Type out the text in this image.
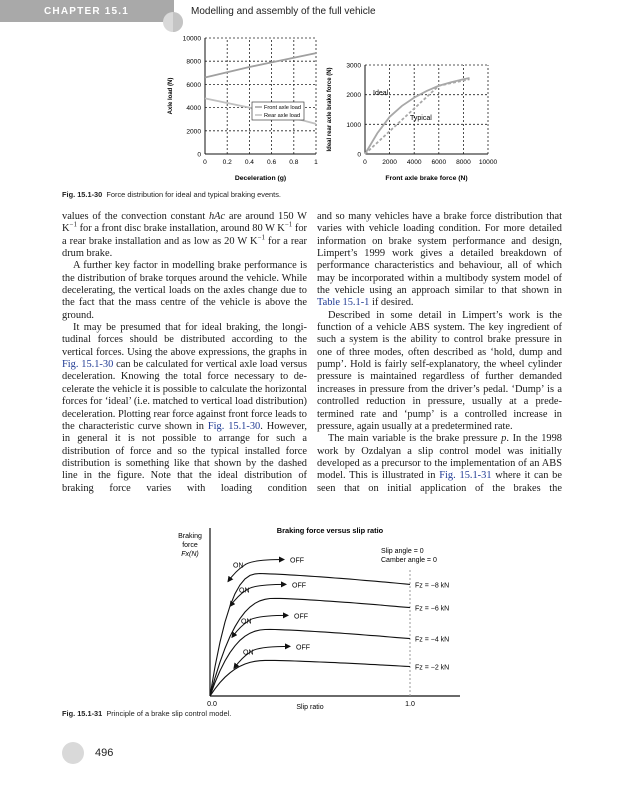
CHAPTER 15.1	Modelling and assembly of the full vehicle
0 0.2 0.4 0.6 0.8 1
0
2000
4000
6000
8000
10000
Deceleration (g)
Axle load (N)	Front axle load
Rear axle load
0 2000 4000 6000 8000 10000
0
1000
2000
3000
Front axle brake force (N)
Ideal rear axle brake force (N)	Ideal
Typical
Braking force versus slip ratio
Braking
force
Fx(N)	Slip angle = 0
Camber angle = 0
0.0	1.0
Slip ratio
Fz = −8 kN
OFF
ON
Fz = −6 kN
OFF
ON
Fz = −4 kN
OFF
ON
Fz = −2 kN
OFF
ON
Fig. 15.1-30 Force distribution for ideal and typical braking events.
Fig. 15.1-31 Principle of a brake slip control model.

values of the convection constant hAc are around 150 W $K^{-1}$ for a front disc brake installation, around 80 W $K^{-1}$ for a rear brake installation and as low as 20 W $K^{-1}$ for a rear drum brake.

A further key factor in modelling brake performance is the distribution of brake torques around the vehicle. While decelerating, the vertical loads on the axles change due to the fact that the mass centre of the vehicle is above the ground.

It may be presumed that for ideal braking, the longitudinal forces should be distributed according to the vertical forces. Using the above expressions, the graphs in Fig. 15.1-30 can be calculated for vertical axle load versus deceleration. Knowing the total force necessary to decelerate the vehicle it is possible to calculate the horizontal forces for ‘ideal’ (i.e. matched to vertical load distribution) deceleration. Plotting rear force against front force leads to the characteristic curve shown in Fig. 15.1-30. However, in general it is not possible to arrange for such a distribution of force and so the typical installed force distribution is something like that shown by the dashed line in the figure. Note that the ideal distribution of braking force varies with loading condition

and so many vehicles have a brake force distribution that varies with vehicle loading condition. For more detailed information on brake system performance and design, Limpert’s 1999 work gives a detailed breakdown of performance characteristics and behaviour, all of which may be incorporated within a multibody system model of the vehicle using an approach similar to that shown in Table 15.1-1 if desired.

Described in some detail in Limpert’s work is the function of a vehicle ABS system. The key ingredient of such a system is the ability to control brake pressure in one of three modes, often described as ‘hold, dump and pump’. Hold is fairly self-explanatory, the wheel cylinder pressure is maintained regardless of further demanded increases in pressure from the driver’s pedal. ‘Dump’ is a controlled reduction in pressure, usually at a predetermined rate and ‘pump’ is a controlled increase in pressure, again usually at a predetermined rate.

The main variable is the brake pressure p. In the 1998 work by Ozdalyan a slip control model was initially developed as a precursor to the implementation of an ABS model. This is illustrated in Fig. 15.1-31 where it can be seen that on initial application of the brakes the

496
